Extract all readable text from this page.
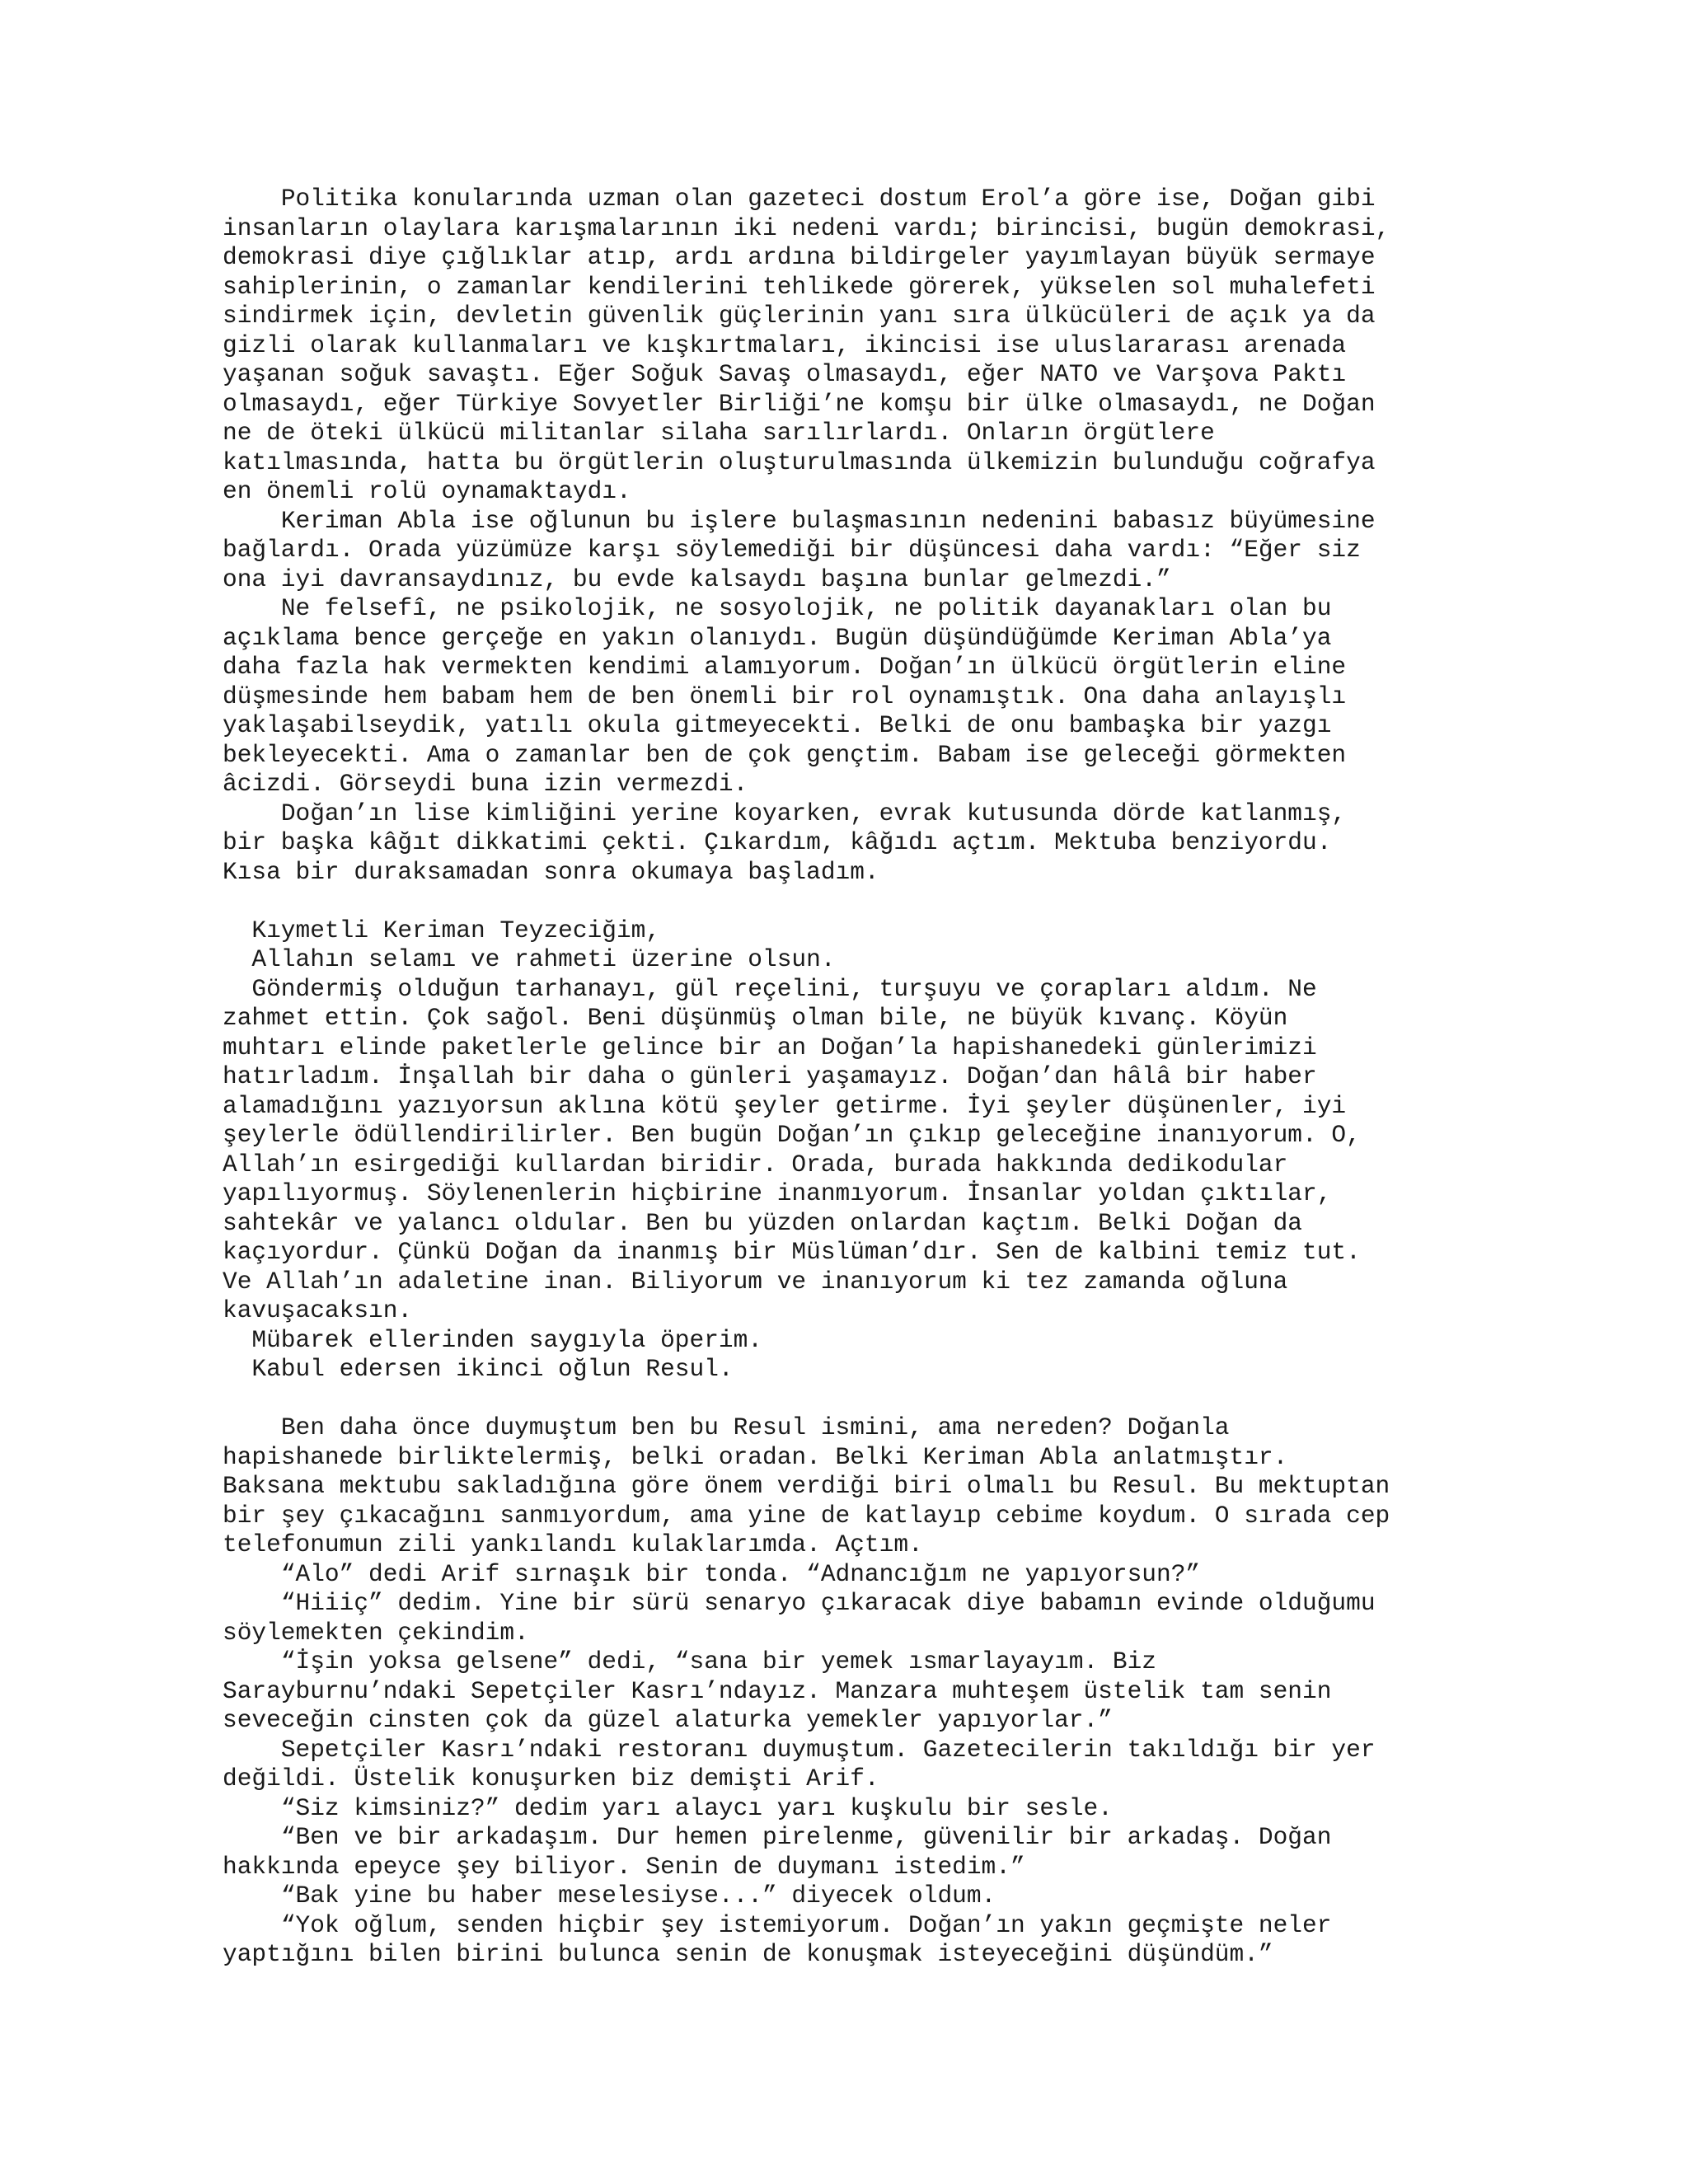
Politika konularında uzman olan gazeteci dostum Erol’a göre ise, Doğan gibi
insanların olaylara karışmalarının iki nedeni vardı; birincisi, bugün demokrasi,
demokrasi diye çığlıklar atıp, ardı ardına bildirgeler yayımlayan büyük sermaye
sahiplerinin, o zamanlar kendilerini tehlikede görerek, yükselen sol muhalefeti
sindirmek için, devletin güvenlik güçlerinin yanı sıra ülkücüleri de açık ya da
gizli olarak kullanmaları ve kışkırtmaları, ikincisi ise uluslararası arenada
yaşanan soğuk savaştı. Eğer Soğuk Savaş olmasaydı, eğer NATO ve Varşova Paktı
olmasaydı, eğer Türkiye Sovyetler Birliği’ne komşu bir ülke olmasaydı, ne Doğan
ne de öteki ülkücü militanlar silaha sarılırlardı. Onların örgütlere
katılmasında, hatta bu örgütlerin oluşturulmasında ülkemizin bulunduğu coğrafya
en önemli rolü oynamaktaydı.

Keriman Abla ise oğlunun bu işlere bulaşmasının nedenini babasız büyümesine
bağlardı. Orada yüzümüze karşı söylemediği bir düşüncesi daha vardı: “Eğer siz
ona iyi davransaydınız, bu evde kalsaydı başına bunlar gelmezdi.”

Ne felsefî, ne psikolojik, ne sosyolojik, ne politik dayanakları olan bu
açıklama bence gerçeğe en yakın olanıydı. Bugün düşündüğümde Keriman Abla’ya
daha fazla hak vermekten kendimi alamıyorum. Doğan’ın ülkücü örgütlerin eline
düşmesinde hem babam hem de ben önemli bir rol oynamıştık. Ona daha anlayışlı
yaklaşabilseydik, yatılı okula gitmeyecekti. Belki de onu bambaşka bir yazgı
bekleyecekti. Ama o zamanlar ben de çok gençtim. Babam ise geleceği görmekten
âcizdi. Görseydi buna izin vermezdi.

Doğan’ın lise kimliğini yerine koyarken, evrak kutusunda dörde katlanmış,
bir başka kâğıt dikkatimi çekti. Çıkardım, kâğıdı açtım. Mektuba benziyordu.
Kısa bir duraksamadan sonra okumaya başladım.

Kıymetli Keriman Teyzeciğim,

Allahın selamı ve rahmeti üzerine olsun.

Göndermiş olduğun tarhanayı, gül reçelini, turşuyu ve çorapları aldım. Ne
zahmet ettin. Çok sağol. Beni düşünmüş olman bile, ne büyük kıvanç. Köyün
muhtarı elinde paketlerle gelince bir an Doğan’la hapishanedeki günlerimizi
hatırladım. İnşallah bir daha o günleri yaşamayız. Doğan’dan hâlâ bir haber
alamadığını yazıyorsun aklına kötü şeyler getirme. İyi şeyler düşünenler, iyi
şeylerle ödüllendirilirler. Ben bugün Doğan’ın çıkıp geleceğine inanıyorum. O,
Allah’ın esirgediği kullardan biridir. Orada, burada hakkında dedikodular
yapılıyormuş. Söylenenlerin hiçbirine inanmıyorum. İnsanlar yoldan çıktılar,
sahtekâr ve yalancı oldular. Ben bu yüzden onlardan kaçtım. Belki Doğan da
kaçıyordur. Çünkü Doğan da inanmış bir Müslüman’dır. Sen de kalbini temiz tut.
Ve Allah’ın adaletine inan. Biliyorum ve inanıyorum ki tez zamanda oğluna
kavuşacaksın.

Mübarek ellerinden saygıyla öperim.

Kabul edersen ikinci oğlun Resul.

Ben daha önce duymuştum ben bu Resul ismini, ama nereden? Doğanla
hapishanede birliktelermiş, belki oradan. Belki Keriman Abla anlatmıştır.
Baksana mektubu sakladığına göre önem verdiği biri olmalı bu Resul. Bu mektuptan
bir şey çıkacağını sanmıyordum, ama yine de katlayıp cebime koydum. O sırada cep
telefonumun zili yankılandı kulaklarımda. Açtım.

“Alo” dedi Arif sırnaşık bir tonda. “Adnancığım ne yapıyorsun?”

“Hiiiç” dedim. Yine bir sürü senaryo çıkaracak diye babamın evinde olduğumu
söylemekten çekindim.

“İşin yoksa gelsene” dedi, “sana bir yemek ısmarlayayım. Biz
Sarayburnu’ndaki Sepetçiler Kasrı’ndayız. Manzara muhteşem üstelik tam senin
seveceğin cinsten çok da güzel alaturka yemekler yapıyorlar.”

Sepetçiler Kasrı’ndaki restoranı duymuştum. Gazetecilerin takıldığı bir yer
değildi. Üstelik konuşurken biz demişti Arif.

“Siz kimsiniz?” dedim yarı alaycı yarı kuşkulu bir sesle.

“Ben ve bir arkadaşım. Dur hemen pirelenme, güvenilir bir arkadaş. Doğan
hakkında epeyce şey biliyor. Senin de duymanı istedim.”

“Bak yine bu haber meselesiyse...” diyecek oldum.

“Yok oğlum, senden hiçbir şey istemiyorum. Doğan’ın yakın geçmişte neler
yaptığını bilen birini bulunca senin de konuşmak isteyeceğini düşündüm.”
